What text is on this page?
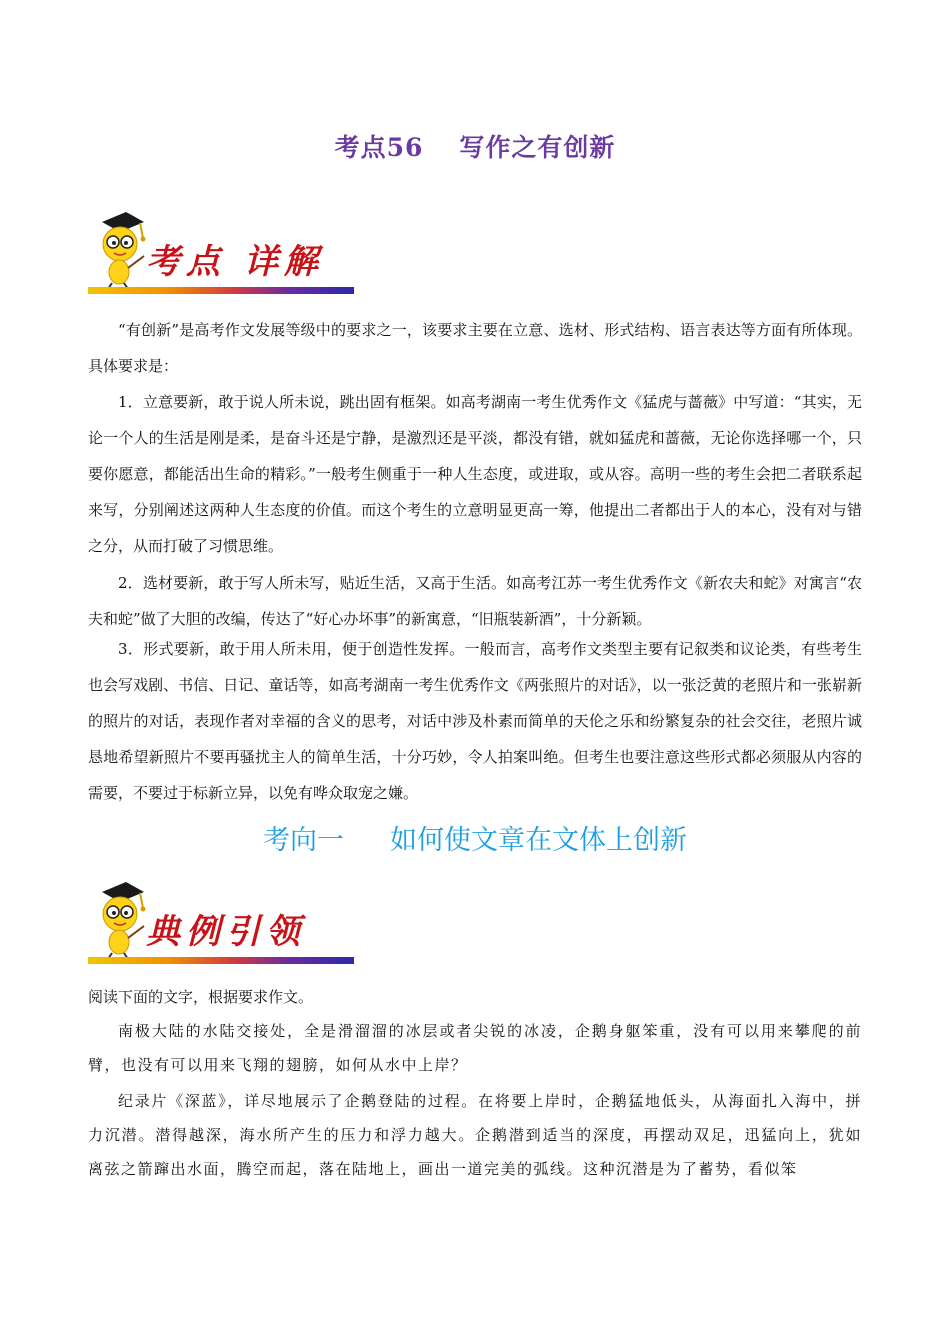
考点56 写作之有创新
考点 详解

“有创新”是高考作文发展等级中的要求之一，该要求主要在立意、选材、形式结构、语言表达等方面有所体现。具体要求是：

1．立意要新，敢于说人所未说，跳出固有框架。如高考湖南一考生优秀作文《猛虎与蔷薇》中写道：“其实，无论一个人的生活是刚是柔，是奋斗还是宁静，是激烈还是平淡，都没有错，就如猛虎和蔷薇，无论你选择哪一个，只要你愿意，都能活出生命的精彩。”一般考生侧重于一种人生态度，或进取，或从容。高明一些的考生会把二者联系起来写，分别阐述这两种人生态度的价值。而这个考生的立意明显更高一筹，他提出二者都出于人的本心，没有对与错之分，从而打破了习惯思维。

2．选材要新，敢于写人所未写，贴近生活，又高于生活。如高考江苏一考生优秀作文《新农夫和蛇》对寓言“农夫和蛇”做了大胆的改编，传达了“好心办坏事”的新寓意，“旧瓶装新酒”，十分新颖。

3．形式要新，敢于用人所未用，便于创造性发挥。一般而言，高考作文类型主要有记叙类和议论类，有些考生也会写戏剧、书信、日记、童话等，如高考湖南一考生优秀作文《两张照片的对话》，以一张泛黄的老照片和一张崭新的照片的对话，表现作者对幸福的含义的思考，对话中涉及朴素而简单的天伦之乐和纷繁复杂的社会交往，老照片诚恳地希望新照片不要再骚扰主人的简单生活，十分巧妙，令人拍案叫绝。但考生也要注意这些形式都必须服从内容的需要，不要过于标新立异，以免有哗众取宠之嫌。

考向一 如何使文章在文体上创新
典例引领

阅读下面的文字，根据要求作文。

南极大陆的水陆交接处，全是滑溜溜的冰层或者尖锐的冰凌，企鹅身躯笨重，没有可以用来攀爬的前臂，也没有可以用来飞翔的翅膀，如何从水中上岸？

纪录片《深蓝》，详尽地展示了企鹅登陆的过程。在将要上岸时，企鹅猛地低头，从海面扎入海中，拼力沉潜。潜得越深，海水所产生的压力和浮力越大。企鹅潜到适当的深度，再摆动双足，迅猛向上，犹如离弦之箭蹿出水面，腾空而起，落在陆地上，画出一道完美的弧线。这种沉潜是为了蓄势，看似笨
